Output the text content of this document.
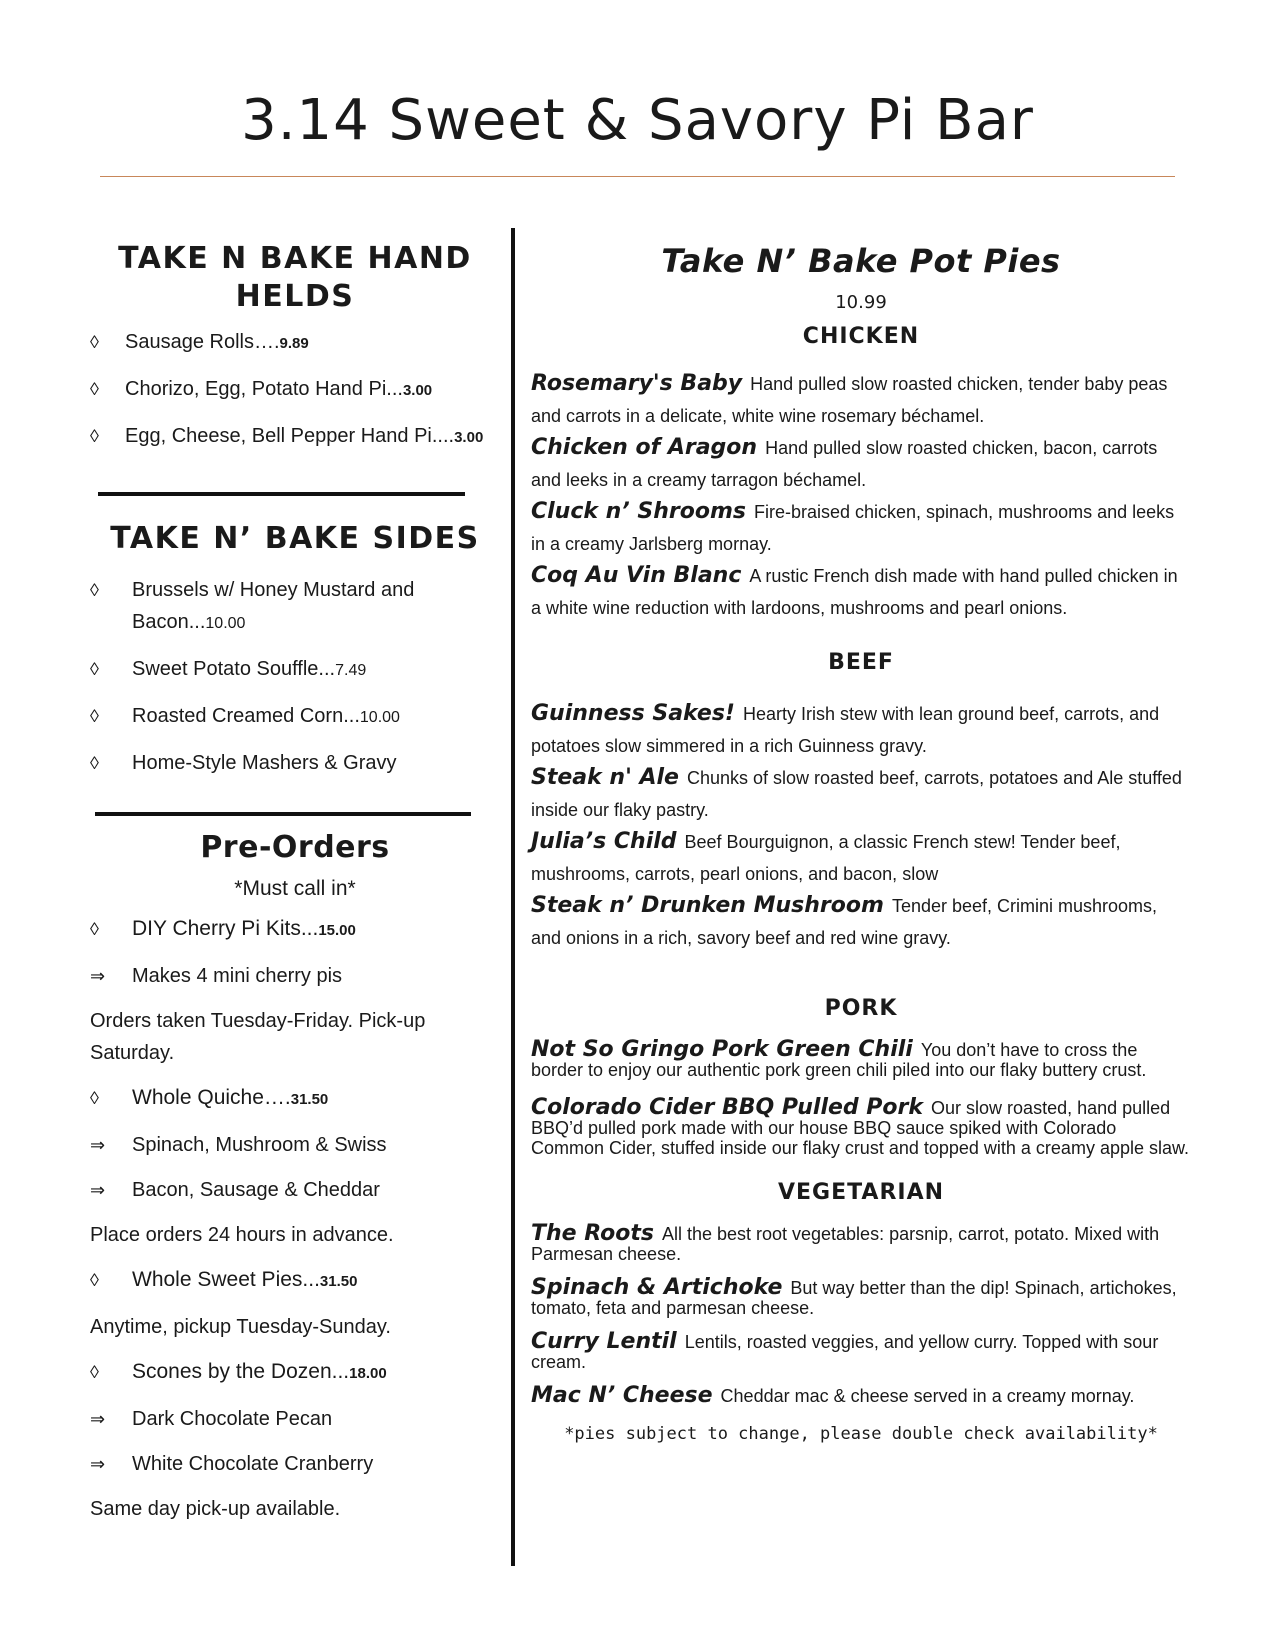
3.14 Sweet & Savory Pi Bar
TAKE N BAKE HAND HELDS
◊ Sausage Rolls….9.89
◊ Chorizo, Egg, Potato Hand Pi...3.00
◊ Egg, Cheese, Bell Pepper Hand Pi....3.00
TAKE N’ BAKE SIDES
◊ Brussels w/ Honey Mustard and Bacon...10.00
◊ Sweet Potato Souffle...7.49
◊ Roasted Creamed Corn...10.00
◊ Home-Style Mashers & Gravy
Pre-Orders
*Must call in*
◊ DIY Cherry Pi Kits...15.00
⇒ Makes 4 mini cherry pis

Orders taken Tuesday-Friday. Pick-up Saturday.

◊ Whole Quiche….31.50
⇒ Spinach, Mushroom & Swiss
⇒ Bacon, Sausage & Cheddar

Place orders 24 hours in advance.

◊ Whole Sweet Pies...31.50

Anytime, pickup Tuesday-Sunday.

◊ Scones by the Dozen...18.00
⇒ Dark Chocolate Pecan
⇒ White Chocolate Cranberry

Same day pick-up available.

Take N’ Bake Pot Pies
10.99
CHICKEN

Rosemary's Baby Hand pulled slow roasted chicken, tender baby peas and carrots in a delicate, white wine rosemary béchamel.

Chicken of Aragon Hand pulled slow roasted chicken, bacon, carrots and leeks in a creamy tarragon béchamel.

Cluck n’ Shrooms Fire-braised chicken, spinach, mushrooms and leeks in a creamy Jarlsberg mornay.

Coq Au Vin Blanc A rustic French dish made with hand pulled chicken in a white wine reduction with lardoons, mushrooms and pearl onions.

BEEF

Guinness Sakes! Hearty Irish stew with lean ground beef, carrots, and potatoes slow simmered in a rich Guinness gravy.

Steak n' Ale Chunks of slow roasted beef, carrots, potatoes and Ale stuffed inside our flaky pastry.

Julia’s Child Beef Bourguignon, a classic French stew! Tender beef, mushrooms, carrots, pearl onions, and bacon, slow

Steak n’ Drunken Mushroom Tender beef, Crimini mushrooms, and onions in a rich, savory beef and red wine gravy.

PORK

Not So Gringo Pork Green Chili You don’t have to cross the border to enjoy our authentic pork green chili piled into our flaky buttery crust.

Colorado Cider BBQ Pulled Pork Our slow roasted, hand pulled BBQ’d pulled pork made with our house BBQ sauce spiked with Colorado Common Cider, stuffed inside our flaky crust and topped with a creamy apple slaw.

VEGETARIAN

The Roots All the best root vegetables: parsnip, carrot, potato. Mixed with Parmesan cheese.

Spinach & Artichoke But way better than the dip! Spinach, artichokes, tomato, feta and parmesan cheese.

Curry Lentil Lentils, roasted veggies, and yellow curry. Topped with sour cream.

Mac N’ Cheese Cheddar mac & cheese served in a creamy mornay.

*pies subject to change, please double check availability*
